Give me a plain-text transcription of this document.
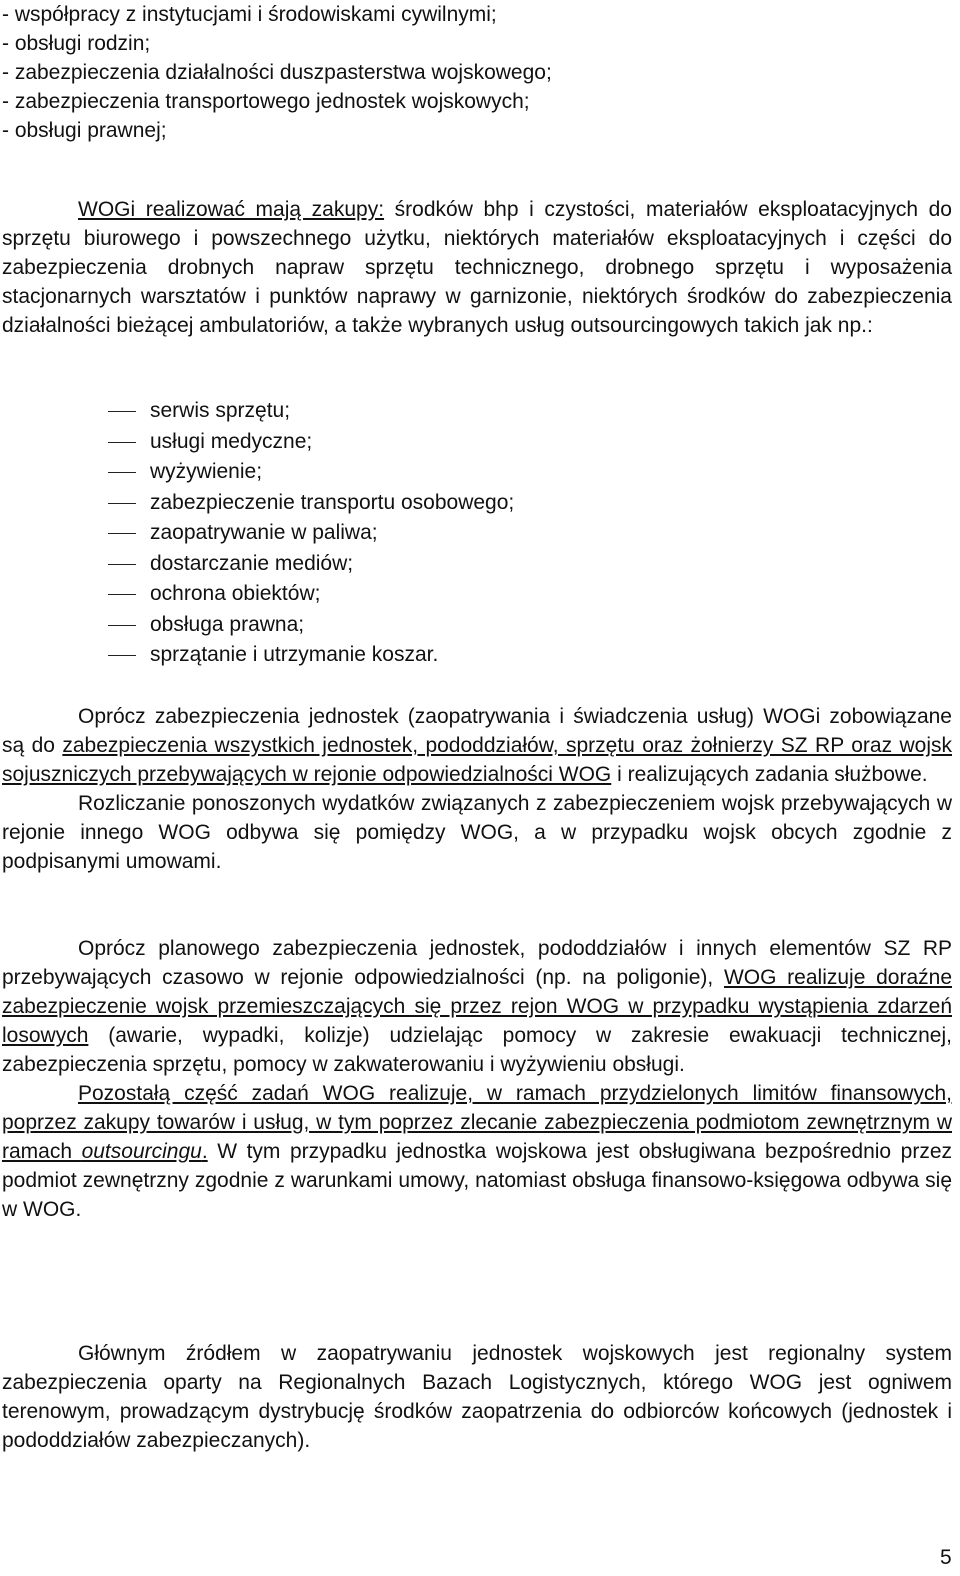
- współpracy z instytucjami i środowiskami cywilnymi;
- obsługi rodzin;
- zabezpieczenia działalności duszpasterstwa wojskowego;
- zabezpieczenia transportowego jednostek wojskowych;
- obsługi prawnej;

WOGi realizować mają zakupy: środków bhp i czystości, materiałów eksploatacyjnych do sprzętu biurowego i powszechnego użytku, niektórych materiałów eksploatacyjnych i części do zabezpieczenia drobnych napraw sprzętu technicznego, drobnego sprzętu i wyposażenia stacjonarnych warsztatów i punktów naprawy w garnizonie, niektórych środków do zabezpieczenia działalności bieżącej ambulatoriów, a także wybranych usług outsourcingowych takich jak np.:

serwis sprzętu;
usługi medyczne;
wyżywienie;
zabezpieczenie transportu osobowego;
zaopatrywanie w paliwa;
dostarczanie mediów;
ochrona obiektów;
obsługa prawna;
sprzątanie i utrzymanie koszar.

Oprócz zabezpieczenia jednostek (zaopatrywania i świadczenia usług) WOGi zobowiązane są do zabezpieczenia wszystkich jednostek, pododdziałów, sprzętu oraz żołnierzy SZ RP oraz wojsk sojuszniczych przebywających w rejonie odpowiedzialności WOG i realizujących zadania służbowe.

Rozliczanie ponoszonych wydatków związanych z zabezpieczeniem wojsk przebywających w rejonie innego WOG odbywa się pomiędzy WOG, a w przypadku wojsk obcych zgodnie z podpisanymi umowami.

Oprócz planowego zabezpieczenia jednostek, pododdziałów i innych elementów SZ RP przebywających czasowo w rejonie odpowiedzialności (np. na poligonie), WOG realizuje doraźne zabezpieczenie wojsk przemieszczających się przez rejon WOG w przypadku wystąpienia zdarzeń losowych (awarie, wypadki, kolizje) udzielając pomocy w zakresie ewakuacji technicznej, zabezpieczenia sprzętu, pomocy w zakwaterowaniu i wyżywieniu obsługi.

Pozostałą część zadań WOG realizuje, w ramach przydzielonych limitów finansowych, poprzez zakupy towarów i usług, w tym poprzez zlecanie zabezpieczenia podmiotom zewnętrznym w ramach outsourcingu. W tym przypadku jednostka wojskowa jest obsługiwana bezpośrednio przez podmiot zewnętrzny zgodnie z warunkami umowy, natomiast obsługa finansowo-księgowa odbywa się w WOG.

Głównym źródłem w zaopatrywaniu jednostek wojskowych jest regionalny system zabezpieczenia oparty na Regionalnych Bazach Logistycznych, którego WOG jest ogniwem terenowym, prowadzącym dystrybucję środków zaopatrzenia do odbiorców końcowych (jednostek i pododdziałów zabezpieczanych).

5
